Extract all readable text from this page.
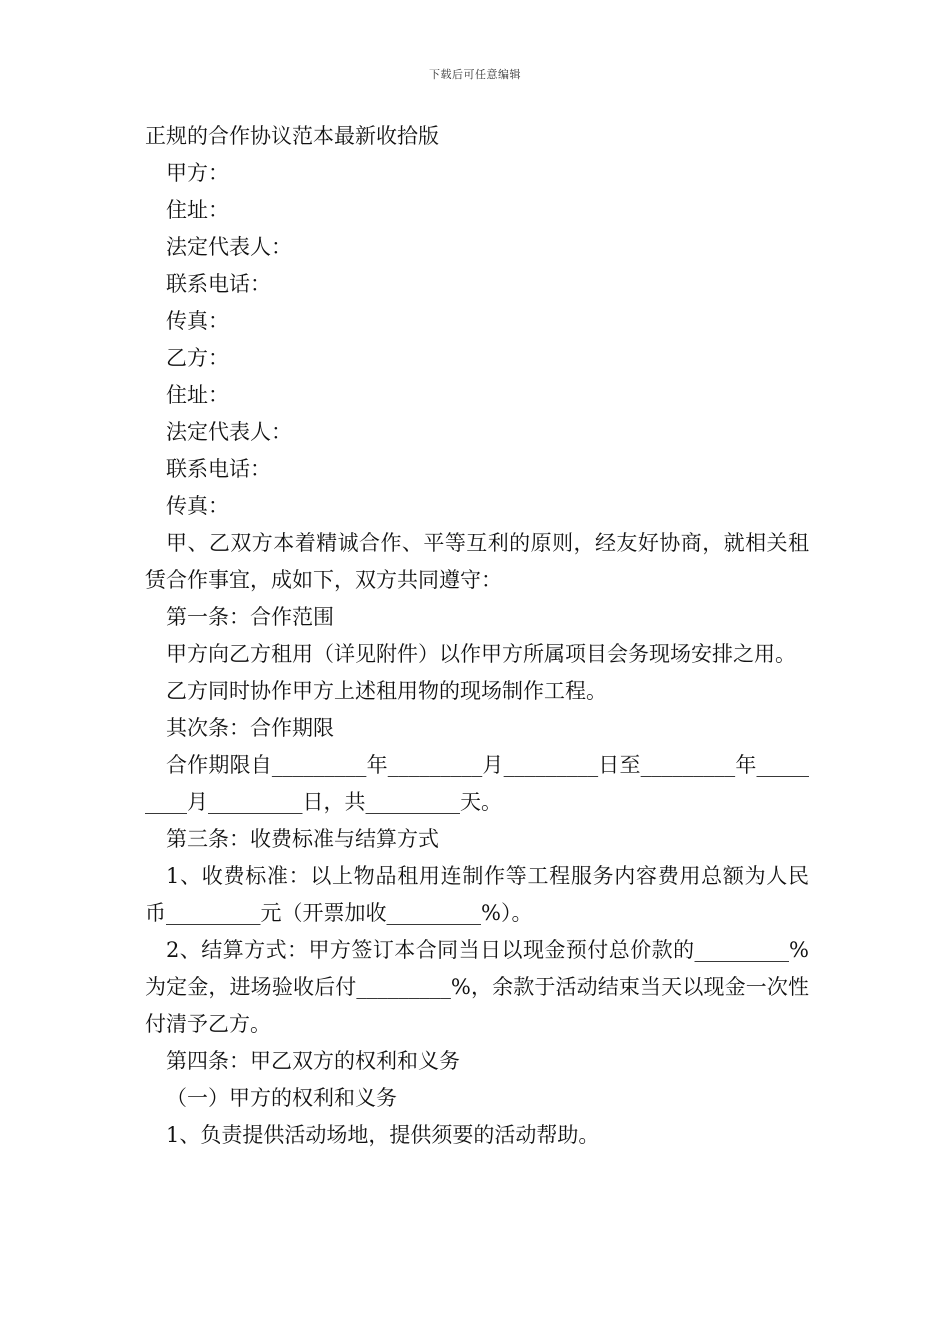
下载后可任意编辑
正规的合作协议范本最新收拾版

甲方：

住址：

法定代表人：

联系电话：

传真：

乙方：

住址：

法定代表人：

联系电话：

传真：

甲、乙双方本着精诚合作、平等互利的原则，经友好协商，就相关租赁合作事宜，成如下，双方共同遵守：

第一条：合作范围

甲方向乙方租用（详见附件）以作甲方所属项目会务现场安排之用。

乙方同时协作甲方上述租用物的现场制作工程。

其次条：合作期限

合作期限自_________年_________月_________日至_________年_________月_________日，共_________天。

第三条：收费标准与结算方式

1、收费标准：以上物品租用连制作等工程服务内容费用总额为人民币_________元（开票加收_________%）。

2、结算方式：甲方签订本合同当日以现金预付总价款的_________%为定金，进场验收后付_________%，余款于活动结束当天以现金一次性付清予乙方。

第四条：甲乙双方的权利和义务

（一）甲方的权利和义务

1、负责提供活动场地，提供须要的活动帮助。
